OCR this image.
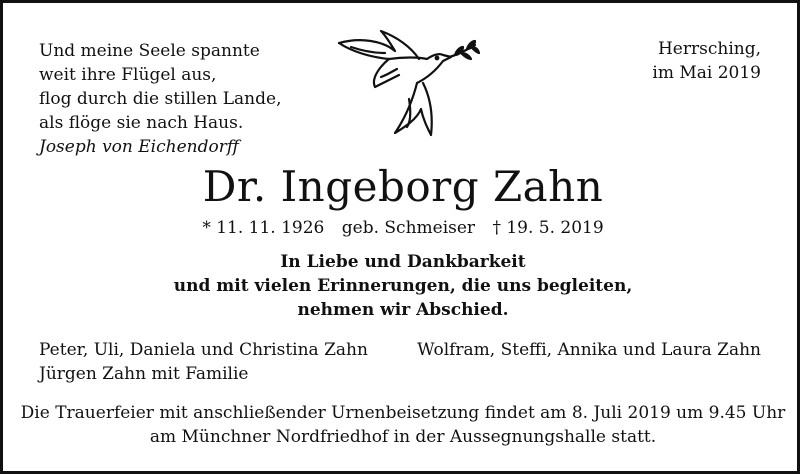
Und meine Seele spannte
weit ihre Flügel aus,
flog durch die stillen Lande,
als flöge sie nach Haus.
Joseph von Eichendorff
Herrsching,
im Mai 2019
Dr. Ingeborg Zahn
* 11. 11. 1926 geb. Schmeiser † 19. 5. 2019
In Liebe und Dankbarkeit
und mit vielen Erinnerungen, die uns begleiten,
nehmen wir Abschied.
Peter, Uli, Daniela und Christina Zahn
Jürgen Zahn mit Familie
Wolfram, Steffi, Annika und Laura Zahn
Die Trauerfeier mit anschließender Urnenbeisetzung findet am 8. Juli 2019 um 9.45 Uhr
am Münchner Nordfriedhof in der Aussegnungshalle statt.
